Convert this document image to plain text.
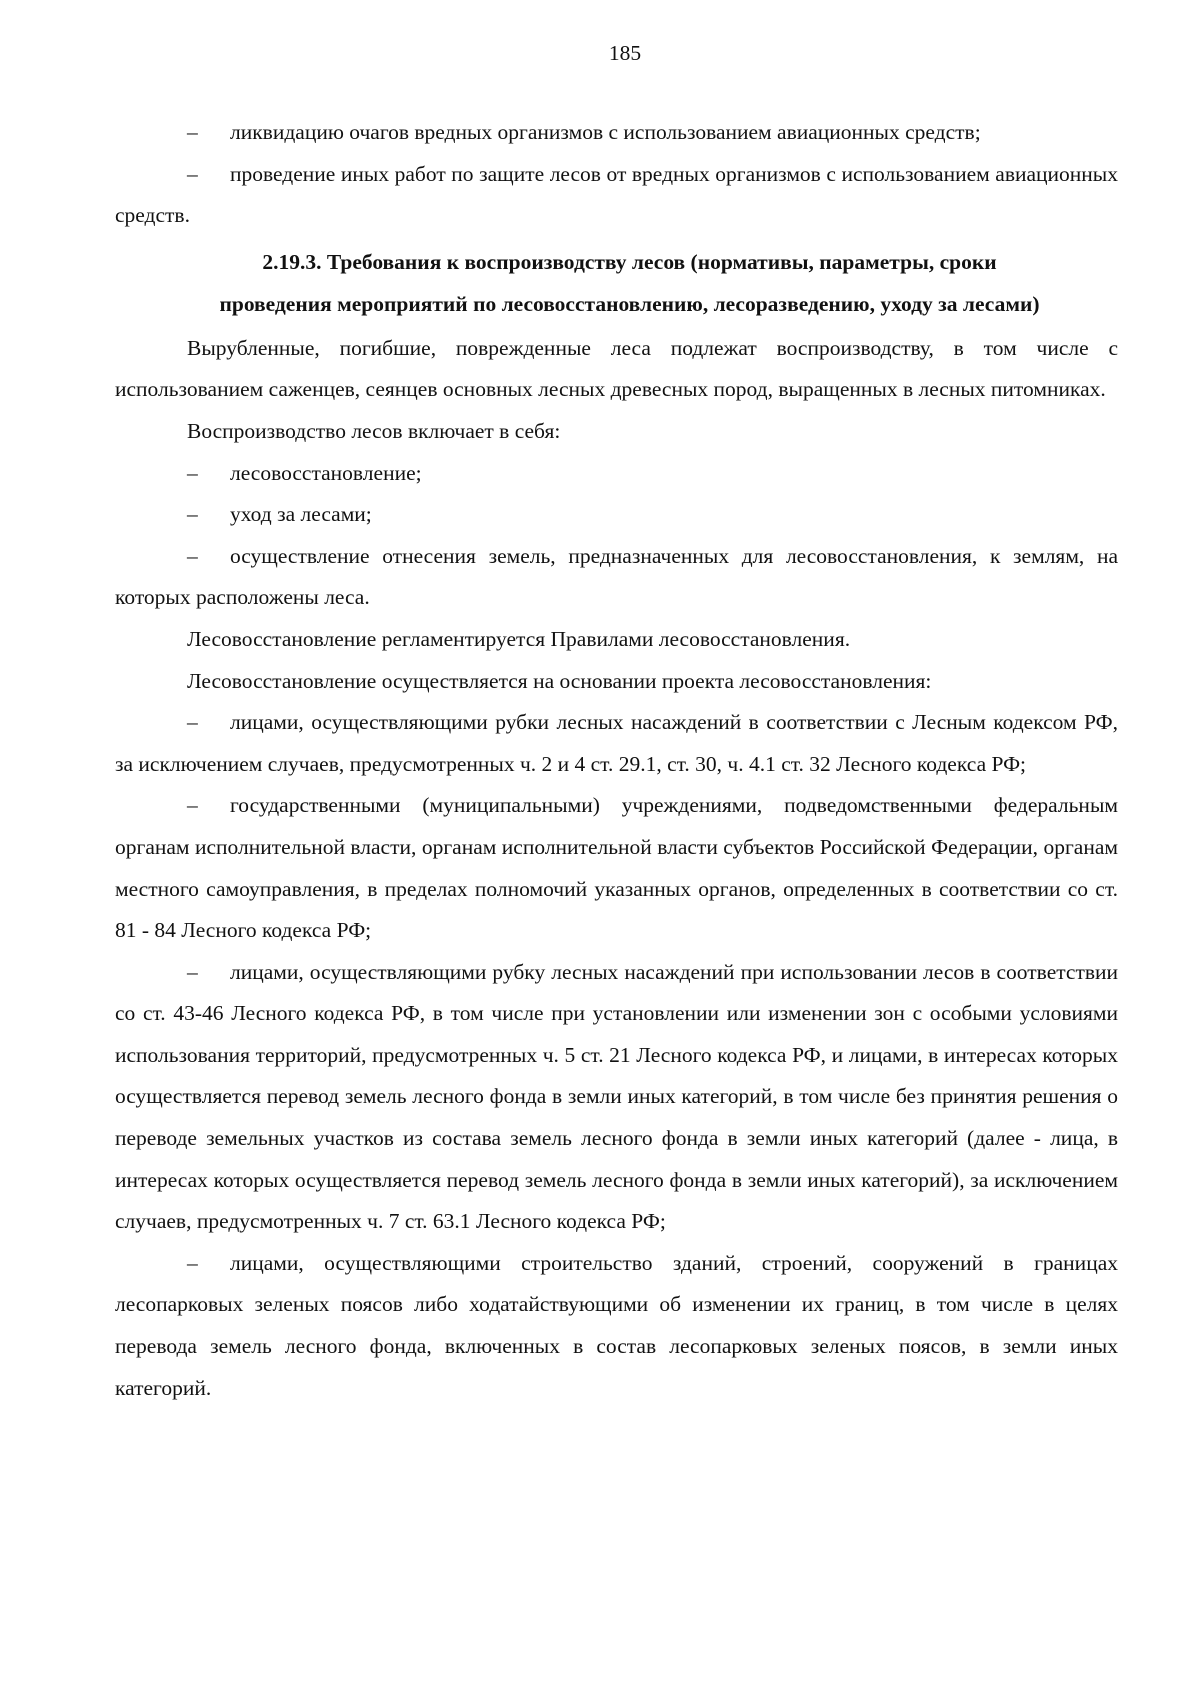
185

– ликвидацию очагов вредных организмов с использованием авиационных средств;

– проведение иных работ по защите лесов от вредных организмов с использованием авиационных средств.

2.19.3. Требования к воспроизводству лесов (нормативы, параметры, сроки
проведения мероприятий по лесовосстановлению, лесоразведению, уходу за лесами)

Вырубленные, погибшие, поврежденные леса подлежат воспроизводству, в том числе с использованием саженцев, сеянцев основных лесных древесных пород, выращенных в лесных питомниках.

Воспроизводство лесов включает в себя:

– лесовосстановление;

– уход за лесами;

– осуществление отнесения земель, предназначенных для лесовосстановления, к землям, на которых расположены леса.

Лесовосстановление регламентируется Правилами лесовосстановления.

Лесовосстановление осуществляется на основании проекта лесовосстановления:

– лицами, осуществляющими рубки лесных насаждений в соответствии с Лесным кодексом РФ, за исключением случаев, предусмотренных ч. 2 и 4 ст. 29.1, ст. 30, ч. 4.1 ст. 32 Лесного кодекса РФ;

– государственными (муниципальными) учреждениями, подведомственными федеральным органам исполнительной власти, органам исполнительной власти субъектов Российской Федерации, органам местного самоуправления, в пределах полномочий указанных органов, определенных в соответствии со ст. 81 - 84 Лесного кодекса РФ;

– лицами, осуществляющими рубку лесных насаждений при использовании лесов в соответствии со ст. 43-46 Лесного кодекса РФ, в том числе при установлении или изменении зон с особыми условиями использования территорий, предусмотренных ч. 5 ст. 21 Лесного кодекса РФ, и лицами, в интересах которых осуществляется перевод земель лесного фонда в земли иных категорий, в том числе без принятия решения о переводе земельных участков из состава земель лесного фонда в земли иных категорий (далее - лица, в интересах которых осуществляется перевод земель лесного фонда в земли иных категорий), за исключением случаев, предусмотренных ч. 7 ст. 63.1 Лесного кодекса РФ;

– лицами, осуществляющими строительство зданий, строений, сооружений в границах лесопарковых зеленых поясов либо ходатайствующими об изменении их границ, в том числе в целях перевода земель лесного фонда, включенных в состав лесопарковых зеленых поясов, в земли иных категорий.
